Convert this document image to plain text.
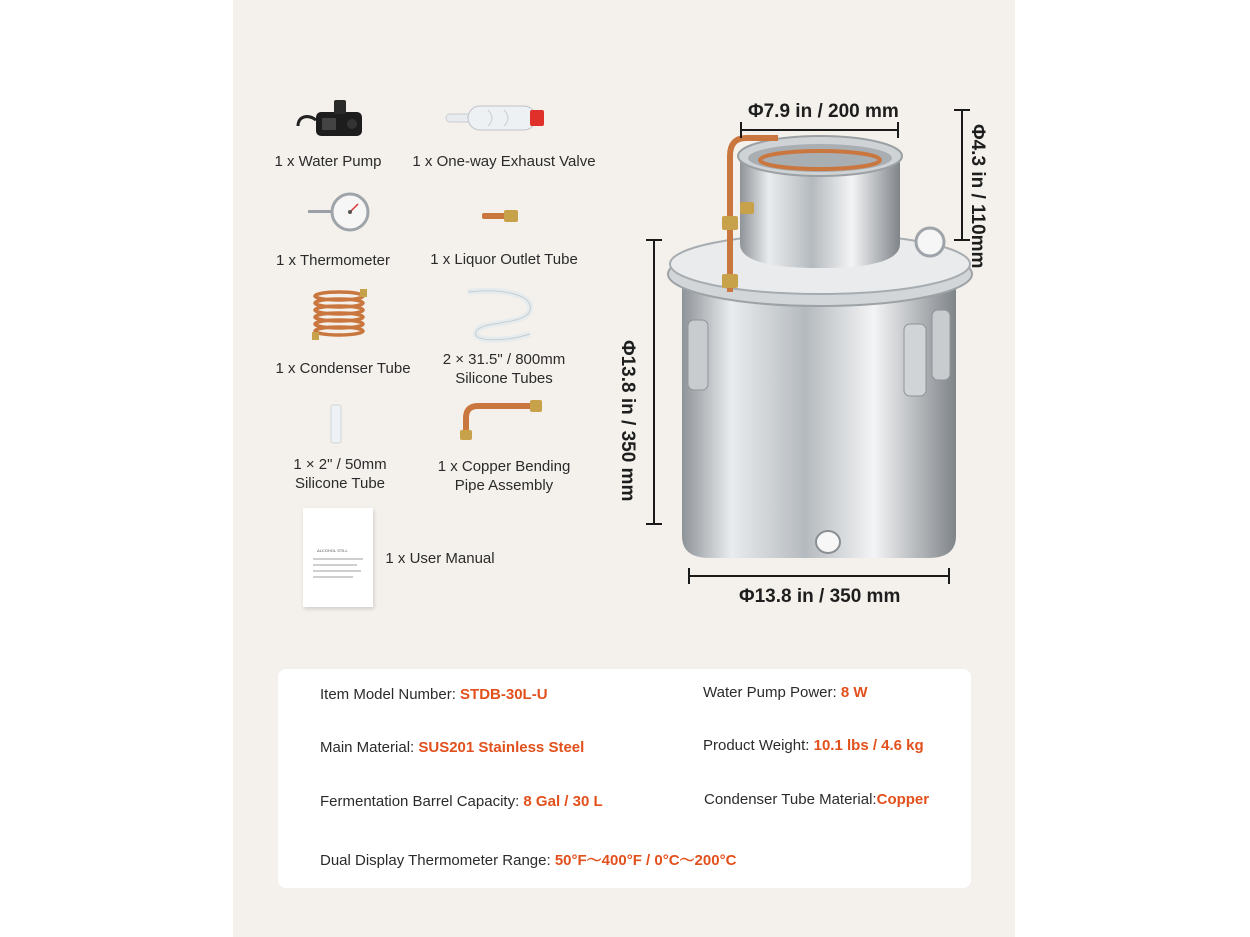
ALCOHOL STILL
1 x Water Pump	1 x One-way Exhaust Valve
1 x Thermometer	1 x Liquor Outlet Tube
1 x Condenser Tube
2 × 31.5" / 800mm
Silicone Tubes
1 × 2" / 50mm
Silicone Tube
1 x Copper Bending
Pipe Assembly
1 x User Manual
Φ7.9 in / 200 mm
Φ4.3 in / 110mm
Φ13.8 in / 350 mm
Φ13.8 in / 350 mm
Item Model Number: STDB-30L-U	Water Pump Power: 8 W
Main Material: SUS201 Stainless Steel	Product Weight: 10.1 lbs / 4.6 kg
Fermentation Barrel Capacity: 8 Gal / 30 L	Condenser Tube Material:Copper
Dual Display Thermometer Range: 50°F～400°F / 0°C～200°C
